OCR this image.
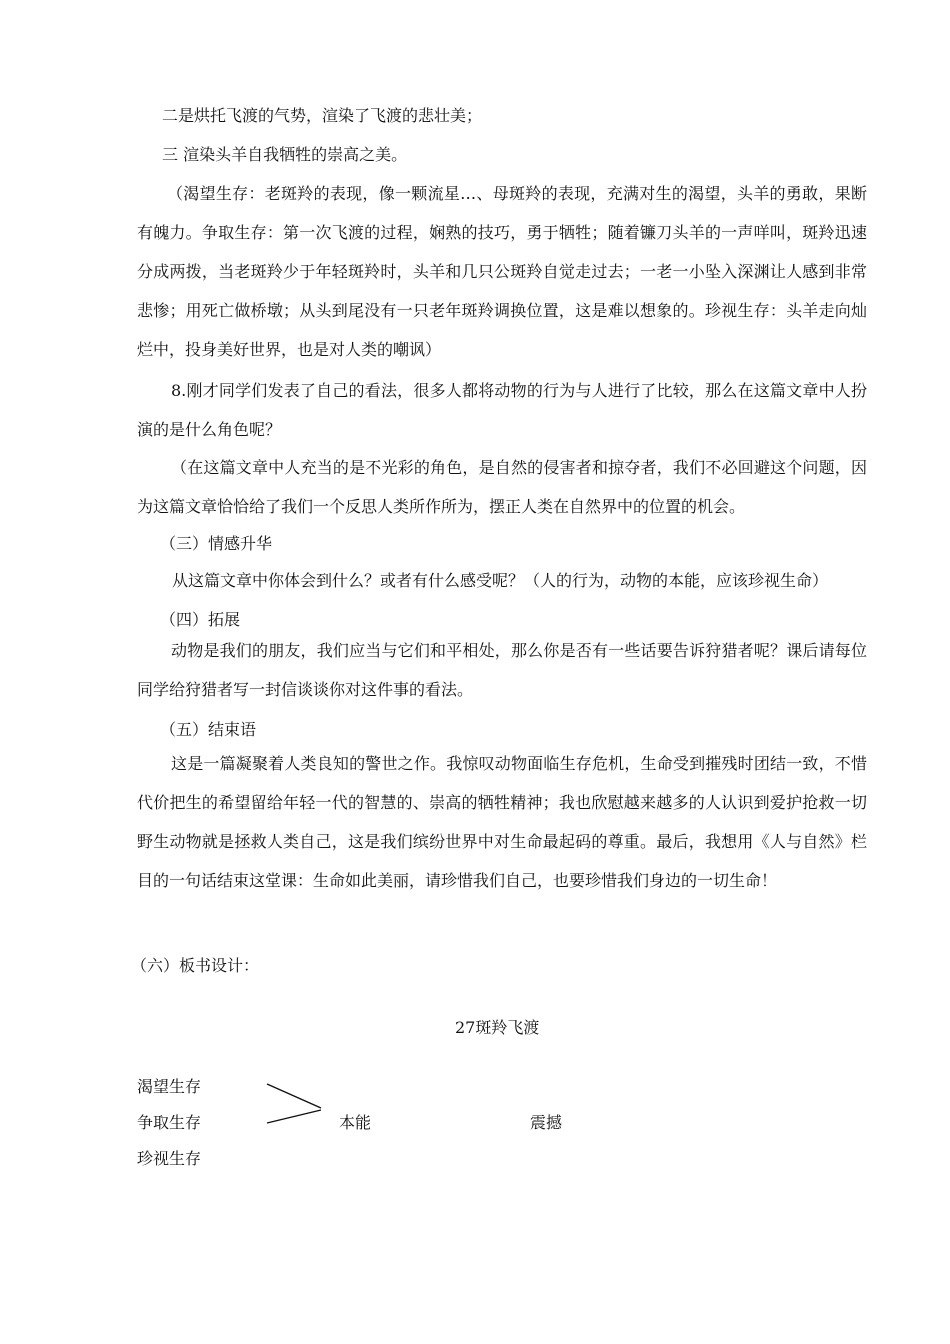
二是烘托飞渡的气势，渲染了飞渡的悲壮美；
三 渲染头羊自我牺牲的崇高之美。
（渴望生存：老斑羚的表现，像一颗流星…、母斑羚的表现，充满对生的渴望，头羊的勇敢，果断有魄力。争取生存：第一次飞渡的过程，娴熟的技巧，勇于牺牲；随着镰刀头羊的一声咩叫，斑羚迅速分成两拨，当老斑羚少于年轻斑羚时，头羊和几只公斑羚自觉走过去；一老一小坠入深渊让人感到非常悲惨；用死亡做桥墩；从头到尾没有一只老年斑羚调换位置，这是难以想象的。珍视生存：头羊走向灿烂中，投身美好世界，也是对人类的嘲讽）
8.刚才同学们发表了自己的看法，很多人都将动物的行为与人进行了比较，那么在这篇文章中人扮演的是什么角色呢？
（在这篇文章中人充当的是不光彩的角色，是自然的侵害者和掠夺者，我们不必回避这个问题，因为这篇文章恰恰给了我们一个反思人类所作所为，摆正人类在自然界中的位置的机会。
（三）情感升华
从这篇文章中你体会到什么？或者有什么感受呢？（人的行为，动物的本能，应该珍视生命）
（四）拓展
动物是我们的朋友，我们应当与它们和平相处，那么你是否有一些话要告诉狩猎者呢？课后请每位同学给狩猎者写一封信谈谈你对这件事的看法。
（五）结束语
这是一篇凝聚着人类良知的警世之作。我惊叹动物面临生存危机，生命受到摧残时团结一致，不惜代价把生的希望留给年轻一代的智慧的、崇高的牺牲精神；我也欣慰越来越多的人认识到爱护抢救一切野生动物就是拯救人类自己，这是我们缤纷世界中对生命最起码的尊重。最后，我想用《人与自然》栏目的一句话结束这堂课：生命如此美丽，请珍惜我们自己，也要珍惜我们身边的一切生命！
（六）板书设计：
27斑羚飞渡
渴望生存
争取生存
珍视生存
本能	震撼
